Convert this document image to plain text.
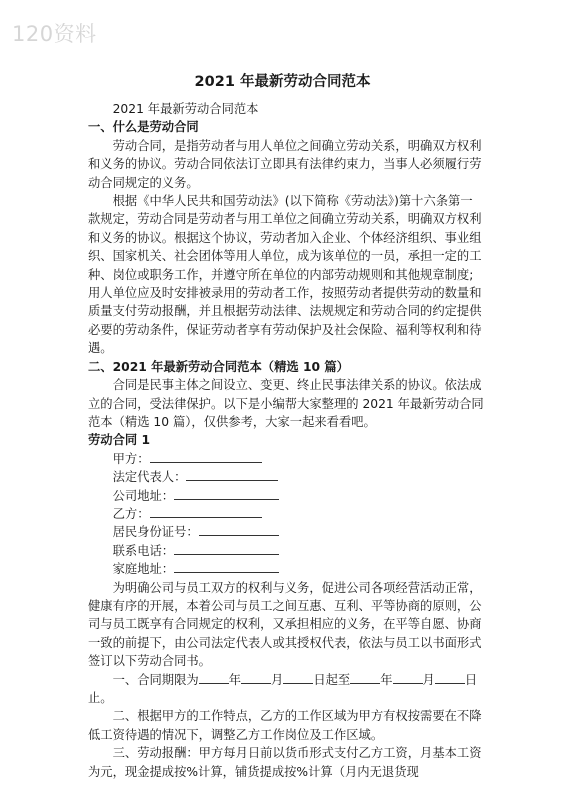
120资料
2021 年最新劳动合同范本

2021 年最新劳动合同范本

一、什么是劳动合同

劳动合同，是指劳动者与用人单位之间确立劳动关系，明确双方权利和义务的协议。劳动合同依法订立即具有法律约束力，当事人必须履行劳动合同规定的义务。

根据《中华人民共和国劳动法》(以下简称《劳动法》)第十六条第一款规定，劳动合同是劳动者与用工单位之间确立劳动关系，明确双方权利和义务的协议。根据这个协议，劳动者加入企业、个体经济组织、事业组织、国家机关、社会团体等用人单位，成为该单位的一员，承担一定的工种、岗位或职务工作，并遵守所在单位的内部劳动规则和其他规章制度;用人单位应及时安排被录用的劳动者工作，按照劳动者提供劳动的数量和质量支付劳动报酬，并且根据劳动法律、法规规定和劳动合同的约定提供必要的劳动条件，保证劳动者享有劳动保护及社会保险、福利等权利和待遇。

二、2021 年最新劳动合同范本（精选 10 篇）

合同是民事主体之间设立、变更、终止民事法律关系的协议。依法成立的合同，受法律保护。以下是小编帮大家整理的 2021 年最新劳动合同范本（精选 10 篇），仅供参考，大家一起来看看吧。

劳动合同 1

甲方：

法定代表人：

公司地址：

乙方：

居民身份证号：

联系电话：

家庭地址：

为明确公司与员工双方的权利与义务，促进公司各项经营活动正常，健康有序的开展，本着公司与员工之间互惠、互利、平等协商的原则，公司与员工既享有合同规定的权利，又承担相应的义务，在平等自愿、协商一致的前提下，由公司法定代表人或其授权代表，依法与员工以书面形式签订以下劳动合同书。

一、合同期限为 年 月 日起至 年 月 日止。

二、根据甲方的工作特点，乙方的工作区域为甲方有权按需要在不降低工资待遇的情况下，调整乙方工作岗位及工作区域。

三、劳动报酬：甲方每月日前以货币形式支付乙方工资，月基本工资为元，现金提成按%计算，铺货提成按%计算（月内无退货现
